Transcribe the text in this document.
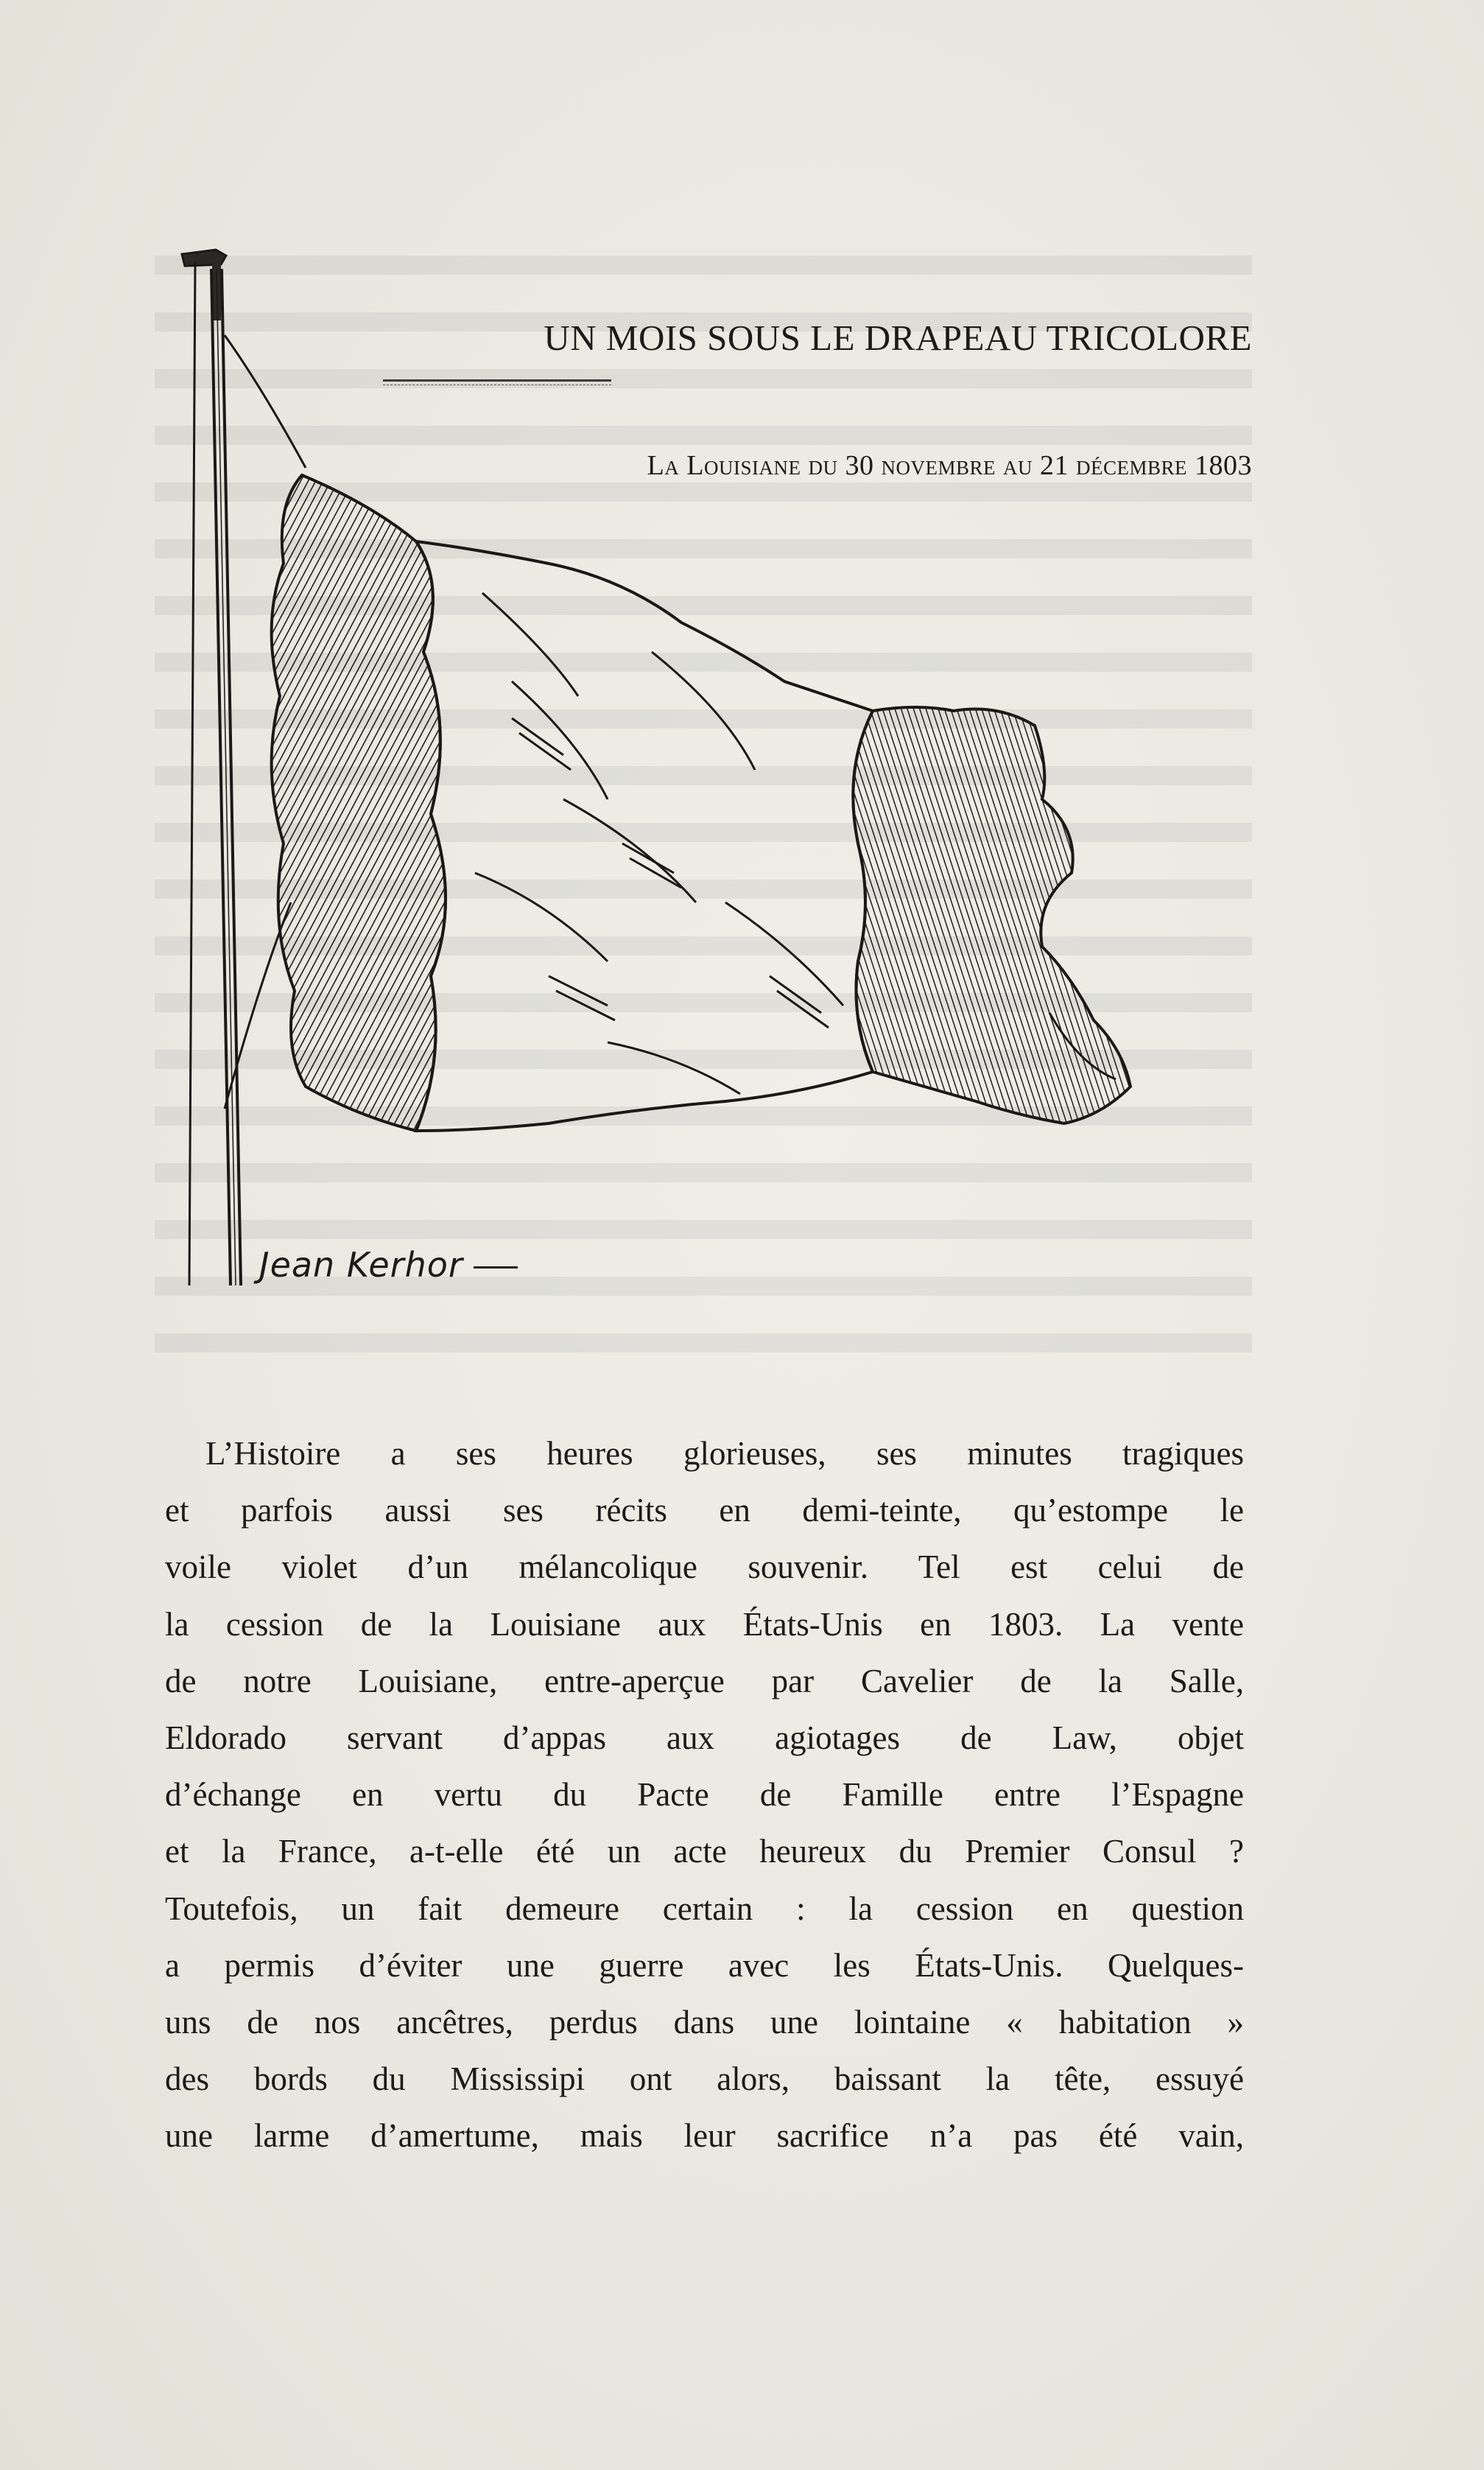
UN MOIS SOUS LE DRAPEAU TRICOLORE
La Louisiane du 30 novembre au 21 décembre 1803
Jean Kerhor
L’Histoire a ses heures glorieuses, ses minutes tragiques
et parfois aussi ses récits en demi-teinte, qu’estompe le
voile violet d’un mélancolique souvenir. Tel est celui de
la cession de la Louisiane aux États-Unis en 1803. La vente
de notre Louisiane, entre-aperçue par Cavelier de la Salle,
Eldorado servant d’appas aux agiotages de Law, objet
d’échange en vertu du Pacte de Famille entre l’Espagne
et la France, a-t-elle été un acte heureux du Premier Consul ?
Toutefois, un fait demeure certain : la cession en question
a permis d’éviter une guerre avec les États-Unis. Quelques-
uns de nos ancêtres, perdus dans une lointaine « habitation »
des bords du Mississipi ont alors, baissant la tête, essuyé
une larme d’amertume, mais leur sacrifice n’a pas été vain,
